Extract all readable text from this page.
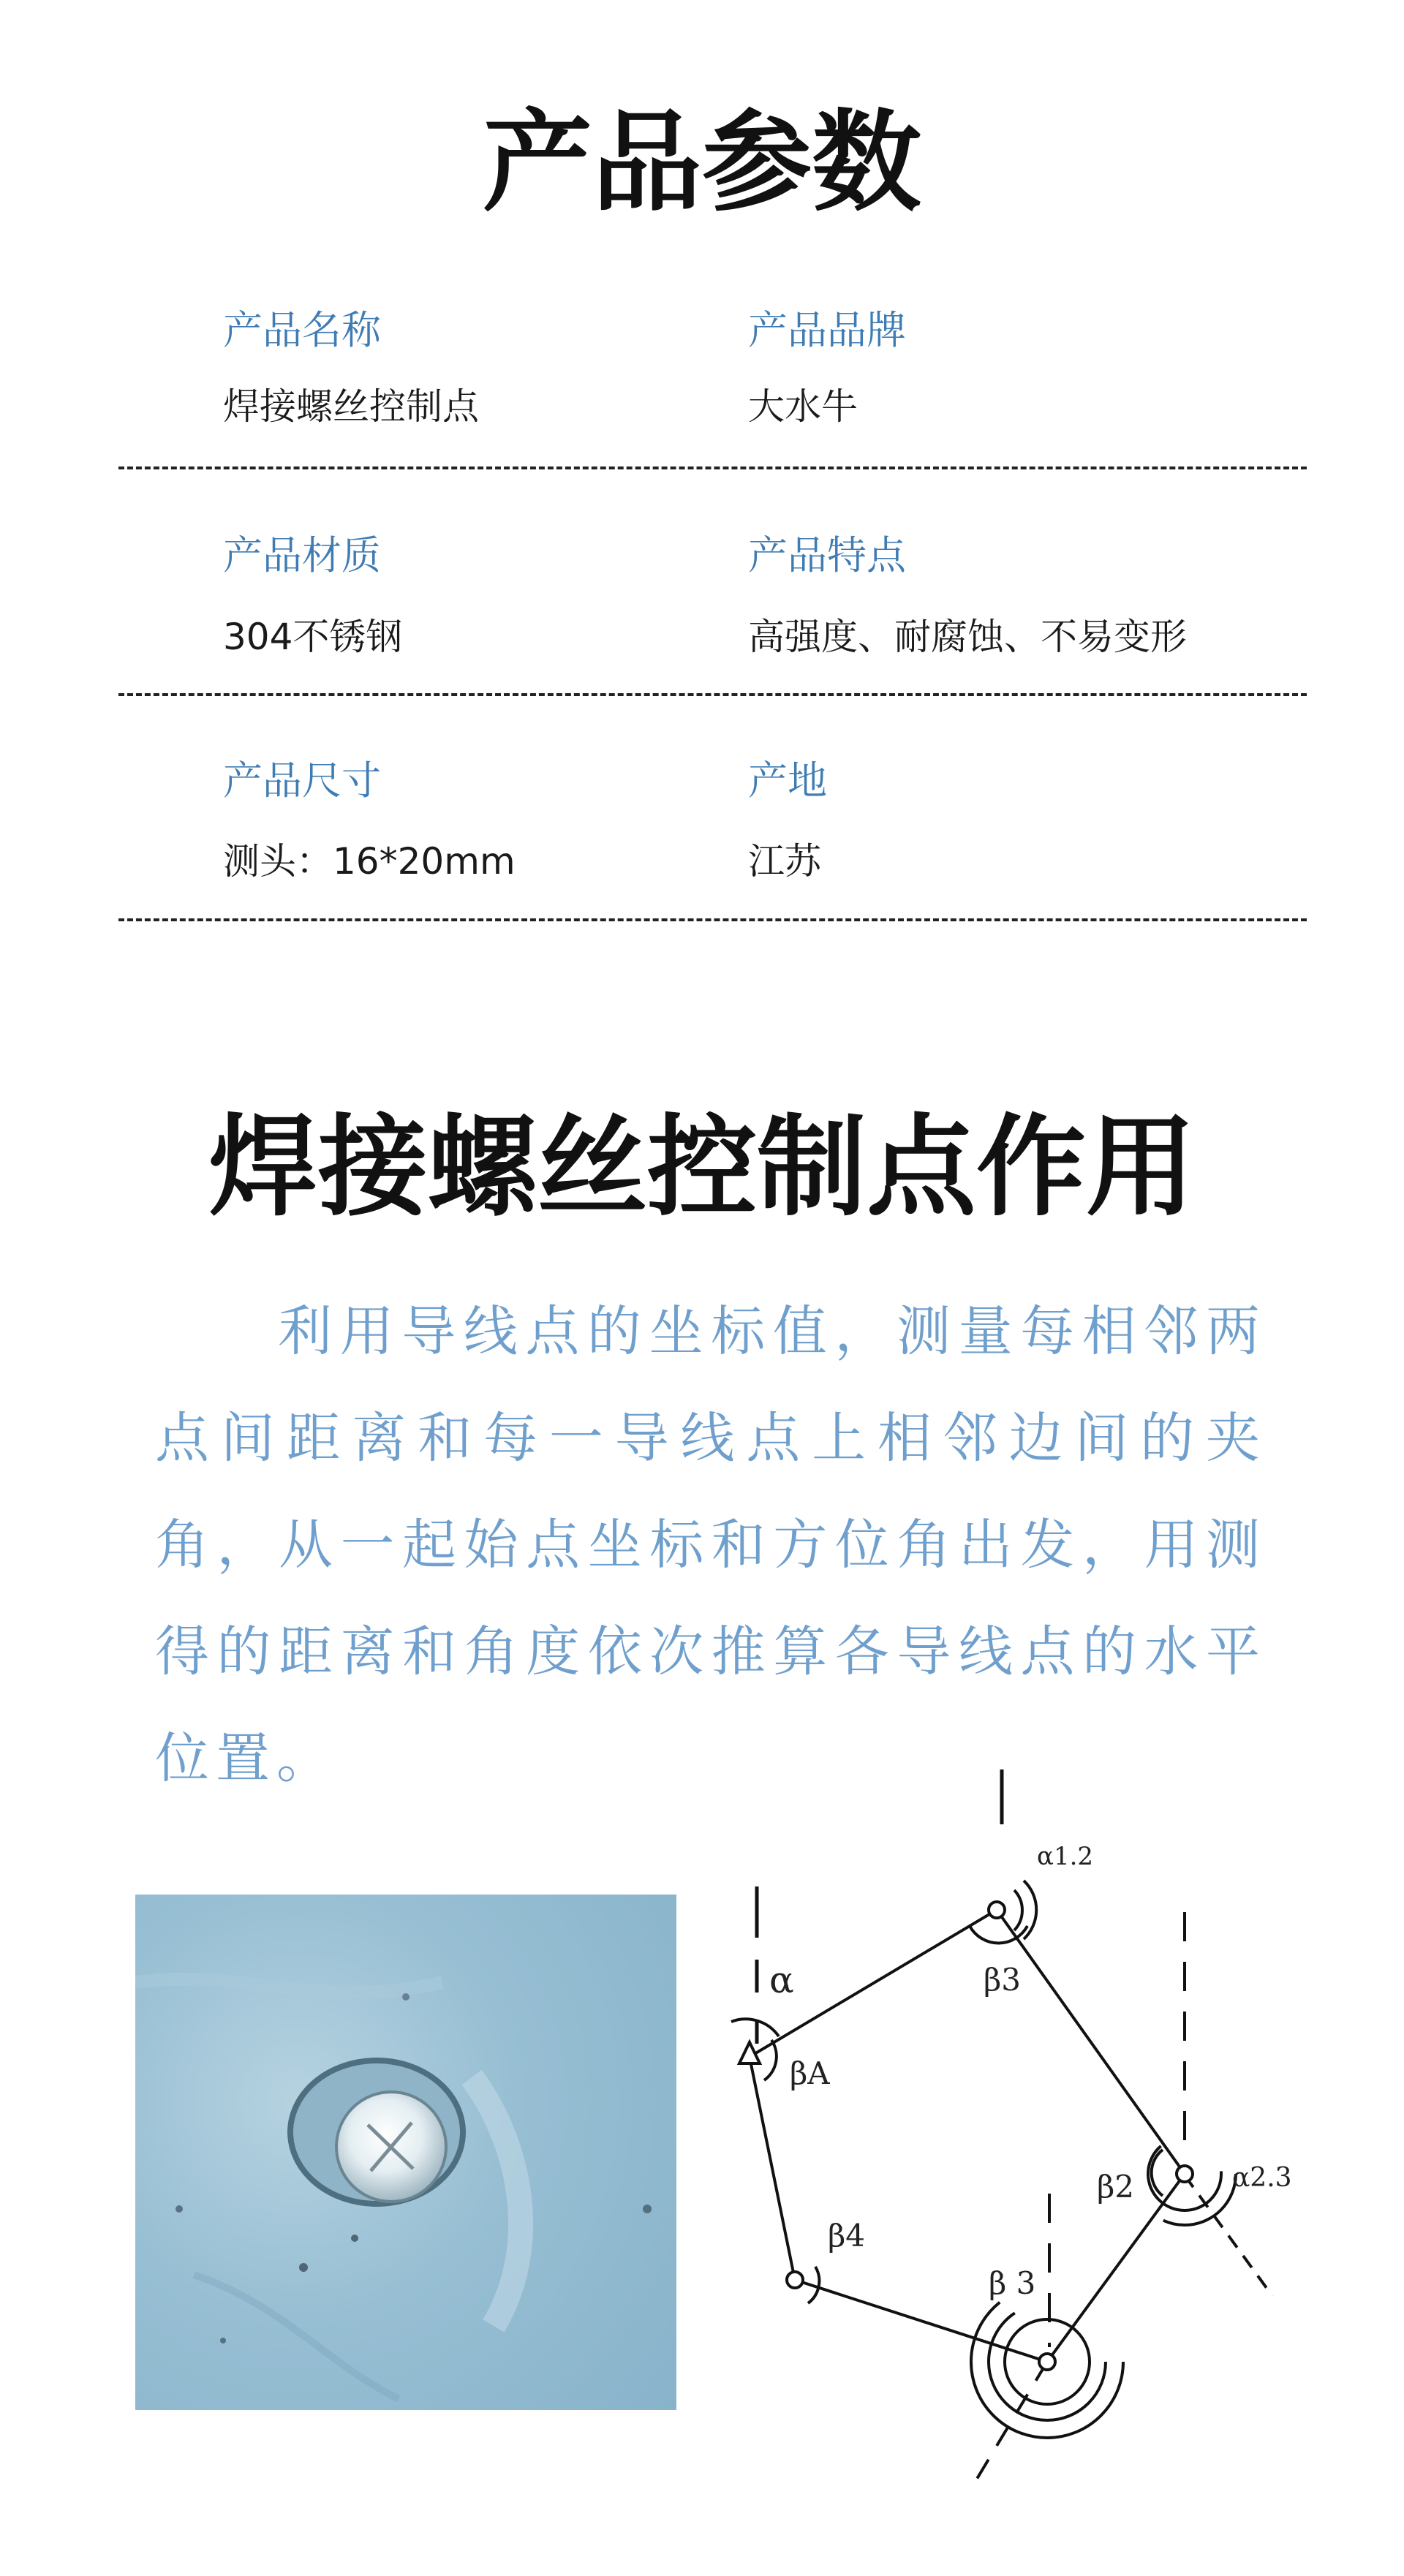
产品参数
产品名称
焊接螺丝控制点
产品品牌
大水牛
产品材质
304不锈钢
产品特点
高强度、耐腐蚀、不易变形
产品尺寸
测头：16*20mm
产地
江苏
焊接螺丝控制点作用

利用导线点的坐标值，测量每相邻两点间距离和每一导线点上相邻边间的夹角，从一起始点坐标和方位角出发，用测得的距离和角度依次推算各导线点的水平位置。

α1.2
β3
α
βA
β2	α2.3
β4
β 3
